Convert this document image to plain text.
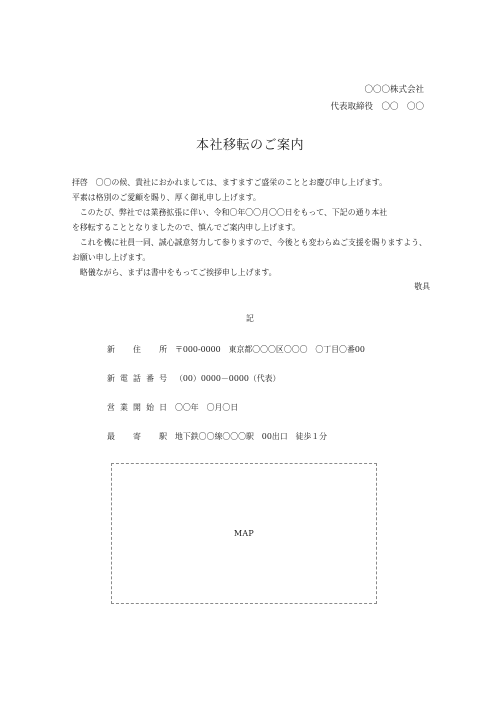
〇〇〇株式会社
代表取締役　〇〇　〇〇
本社移転のご案内

拝啓　〇〇の候、貴社におかれましては、ますますご盛栄のこととお慶び申し上げます。

平素は格別のご愛顧を賜り、厚く御礼申し上げます。

　このたび、弊社では業務拡張に伴い、令和〇年〇〇月〇〇日をもって、下記の通り本社

を移転することとなりましたので、慎んでご案内申し上げます。

　これを機に社員一同、誠心誠意努力して参りますので、今後とも変わらぬご支援を賜りますよう、

お願い申し上げます。

　略儀ながら、まずは書中をもってご挨拶申し上げます。

敬具
記
新住所 〒000-0000　東京都〇〇〇区〇〇〇　〇丁目〇番00
新電話番号 （00）0000－0000（代表）
営業開始日 〇〇年　〇月〇日
最寄駅 地下鉄〇〇線〇〇〇駅　00出口　徒歩１分
MAP
